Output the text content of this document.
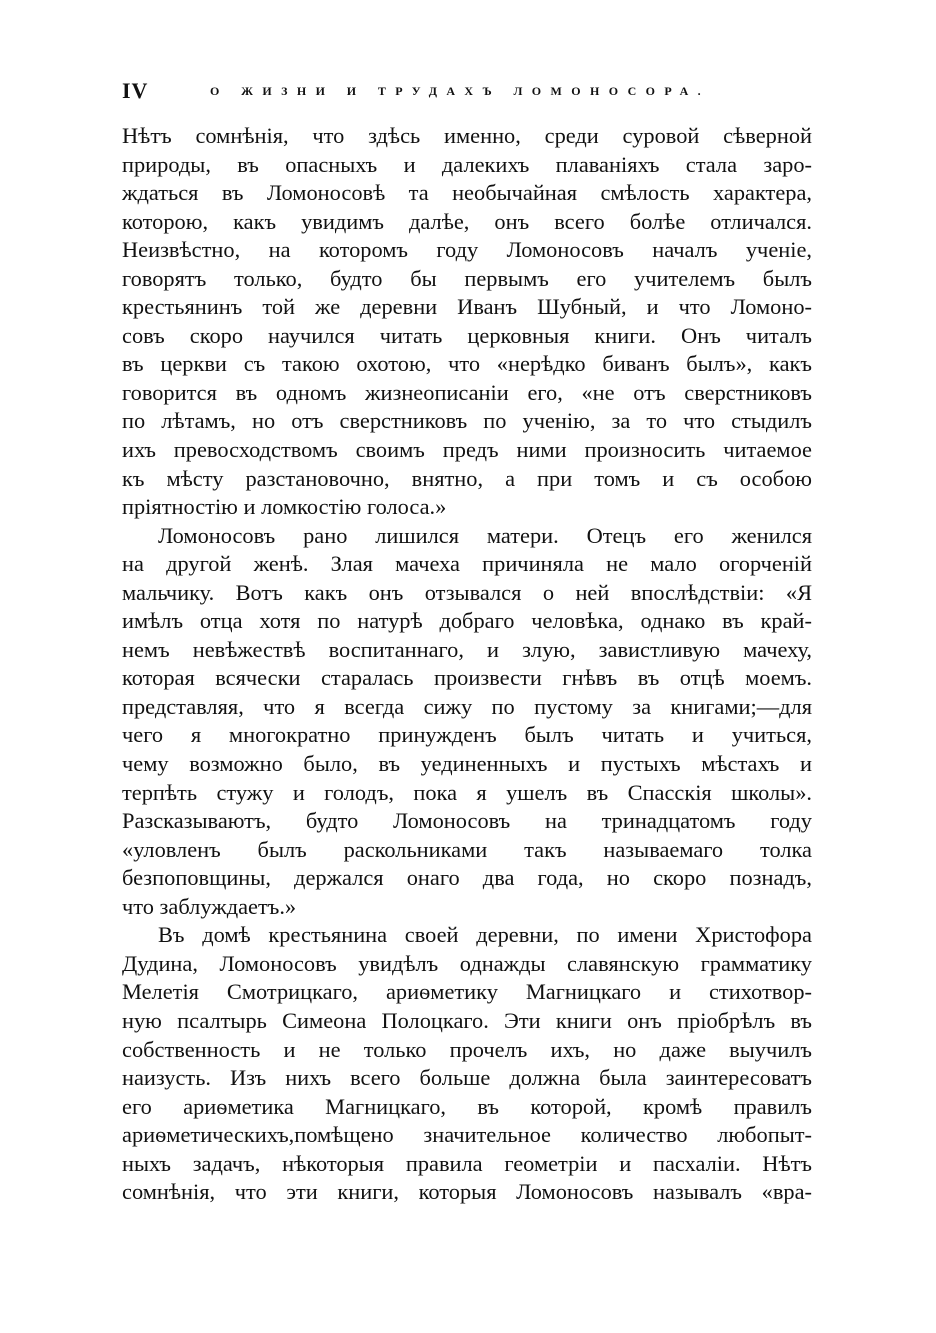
IV	О ЖИЗНИ И ТРУДАХЪ ЛОМОНОСОРА.
Нѣтъ сомнѣнія, что здѣсь именно, среди суровой сѣверной
природы, въ опасныхъ и далекихъ плаваніяхъ стала заро-
ждаться въ Ломоносовѣ та необычайная смѣлость характера,
которою, какъ увидимъ далѣе, онъ всего болѣе отличался.
Неизвѣстно, на которомъ году Ломоносовъ началъ ученіе,
говорятъ только, будто бы первымъ его учителемъ былъ
крестьянинъ той же деревни Иванъ Шубный, и что Ломоно-
совъ скоро научился читать церковныя книги. Онъ читалъ
въ церкви съ такою охотою, что «нерѣдко биванъ былъ», какъ
говорится въ одномъ жизнеописаніи его, «не отъ сверстниковъ
по лѣтамъ, но отъ сверстниковъ по ученію, за то что стыдилъ
ихъ превосходствомъ своимъ предъ ними произносить читаемое
къ мѣсту разстановочно, внятно, а при томъ и съ особою
пріятностію и ломкостію голоса.»
Ломоносовъ рано лишился матери. Отецъ его женился
на другой женѣ. Злая мачеха причиняла не мало огорченій
мальчику. Вотъ какъ онъ отзывался о ней впослѣдствіи: «Я
имѣлъ отца хотя по натурѣ добраго человѣка, однако въ край-
немъ невѣжествѣ воспитаннаго, и злую, завистливую мачеху,
которая всячески старалась произвести гнѣвъ въ отцѣ моемъ.
представляя, что я всегда сижу по пустому за книгами;—для
чего я многократно принужденъ былъ читать и учиться,
чему возможно было, въ уединенныхъ и пустыхъ мѣстахъ и
терпѣть стужу и голодъ, пока я ушелъ въ Спасскія школы».
Разсказываютъ, будто Ломоносовъ на тринадцатомъ году
«уловленъ былъ раскольниками такъ называемаго толка
безпоповщины, держался онаго два года, но скоро познадъ,
что заблуждаетъ.»
Въ домѣ крестьянина своей деревни, по имени Христофора
Дудина, Ломоносовъ увидѣлъ однажды славянскую грамматику
Мелетія Смотрицкаго, ариѳметику Магницкаго и стихотвор-
ную псалтырь Симеона Полоцкаго. Эти книги онъ пріобрѣлъ въ
собственность и не только прочелъ ихъ, но даже выучилъ
наизусть. Изъ нихъ всего больше должна была заинтересоватъ
его ариѳметика Магницкаго, въ которой, кромѣ правилъ
ариѳметическихъ,помѣщено значительное количество любопыт-
ныхъ задачъ, нѣкоторыя правила геометріи и пасхаліи. Нѣтъ
сомнѣнія, что эти книги, которыя Ломоносовъ называлъ «вра-
